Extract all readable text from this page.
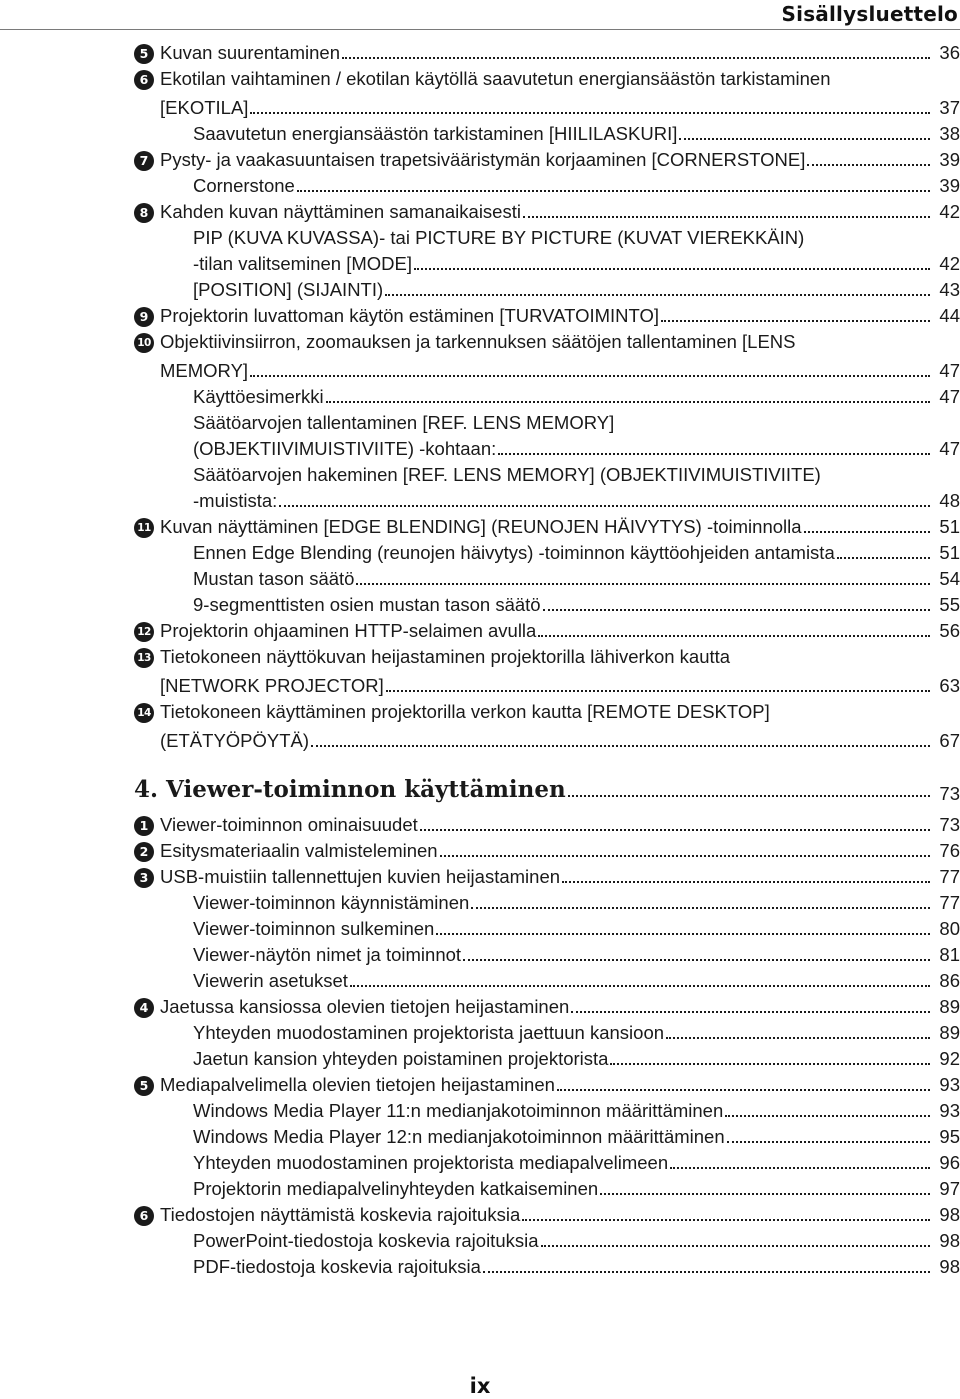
Sisällysluettelo
5 Kuvan suurentaminen	36
6 Ekotilan vaihtaminen / ekotilan käytöllä saavutetun energiansäästön tarkistaminen
[EKOTILA]	37
Saavutetun energiansäästön tarkistaminen [HIILILASKURI]	38
7 Pysty- ja vaakasuuntaisen trapetsivääristymän korjaaminen [CORNERSTONE]	39
Cornerstone	39
8 Kahden kuvan näyttäminen samanaikaisesti	42
PIP (KUVA KUVASSA)- tai PICTURE BY PICTURE (KUVAT VIEREKKÄIN)
-tilan valitseminen [MODE]	42
[POSITION] (SIJAINTI)	43
9 Projektorin luvattoman käytön estäminen [TURVATOIMINTO]	44
10 Objektiivinsiirron, zoomauksen ja tarkennuksen säätöjen tallentaminen [LENS
MEMORY]	47
Käyttöesimerkki	47
Säätöarvojen tallentaminen [REF. LENS MEMORY]
(OBJEKTIIVIMUISTIVIITE) -kohtaan:	47
Säätöarvojen hakeminen [REF. LENS MEMORY] (OBJEKTIIVIMUISTIVIITE)
-muistista:	48
11 Kuvan näyttäminen [EDGE BLENDING] (REUNOJEN HÄIVYTYS) -toiminnolla	51
Ennen Edge Blending (reunojen häivytys) -toiminnon käyttöohjeiden antamista	51
Mustan tason säätö	54
9-segmenttisten osien mustan tason säätö	55
12 Projektorin ohjaaminen HTTP-selaimen avulla	56
13 Tietokoneen näyttökuvan heijastaminen projektorilla lähiverkon kautta
[NETWORK PROJECTOR]	63
14 Tietokoneen käyttäminen projektorilla verkon kautta [REMOTE DESKTOP]
(ETÄTYÖPÖYTÄ)	67
4. Viewer-toiminnon käyttäminen	73
1 Viewer-toiminnon ominaisuudet	73
2 Esitysmateriaalin valmisteleminen	76
3 USB-muistiin tallennettujen kuvien heijastaminen	77
Viewer-toiminnon käynnistäminen	77
Viewer-toiminnon sulkeminen	80
Viewer-näytön nimet ja toiminnot	81
Viewerin asetukset	86
4 Jaetussa kansiossa olevien tietojen heijastaminen	89
Yhteyden muodostaminen projektorista jaettuun kansioon	89
Jaetun kansion yhteyden poistaminen projektorista	92
5 Mediapalvelimella olevien tietojen heijastaminen	93
Windows Media Player 11:n medianjakotoiminnon määrittäminen	93
Windows Media Player 12:n medianjakotoiminnon määrittäminen	95
Yhteyden muodostaminen projektorista mediapalvelimeen	96
Projektorin mediapalvelinyhteyden katkaiseminen	97
6 Tiedostojen näyttämistä koskevia rajoituksia	98
PowerPoint-tiedostoja koskevia rajoituksia	98
PDF-tiedostoja koskevia rajoituksia	98
ix
